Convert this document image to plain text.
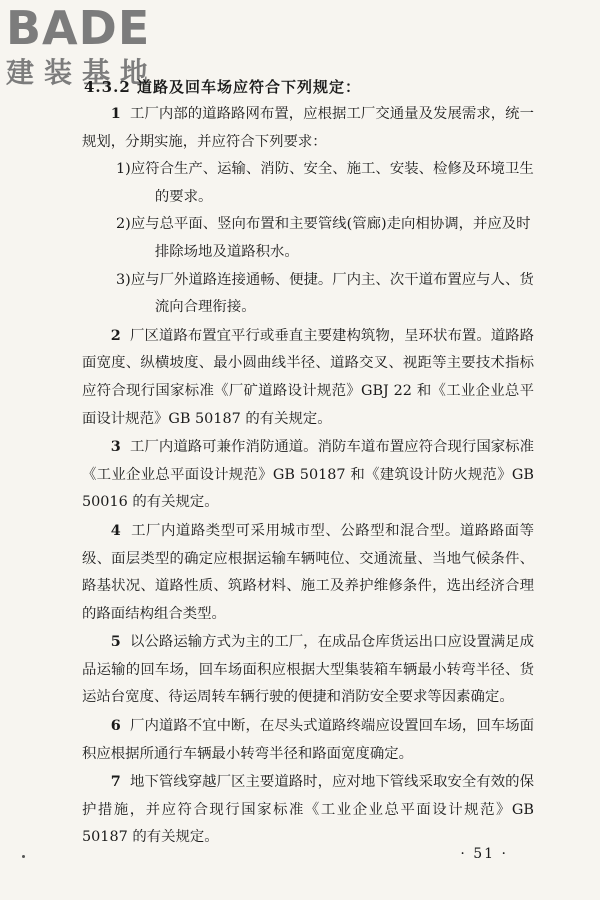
BADE
建装基地
4.3.2 道路及回车场应符合下列规定：

1 工厂内部的道路路网布置，应根据工厂交通量及发展需求，统一规划，分期实施，并应符合下列要求：

1)应符合生产、运输、消防、安全、施工、安装、检修及环境卫生的要求。

2)应与总平面、竖向布置和主要管线(管廊)走向相协调，并应及时排除场地及道路积水。

3)应与厂外道路连接通畅、便捷。厂内主、次干道布置应与人、货流向合理衔接。

2 厂区道路布置宜平行或垂直主要建构筑物，呈环状布置。道路路面宽度、纵横坡度、最小圆曲线半径、道路交叉、视距等主要技术指标应符合现行国家标准《厂矿道路设计规范》GBJ 22 和《工业企业总平面设计规范》GB 50187 的有关规定。

3 工厂内道路可兼作消防通道。消防车道布置应符合现行国家标准《工业企业总平面设计规范》GB 50187 和《建筑设计防火规范》GB 50016 的有关规定。

4 工厂内道路类型可采用城市型、公路型和混合型。道路路面等级、面层类型的确定应根据运输车辆吨位、交通流量、当地气候条件、路基状况、道路性质、筑路材料、施工及养护维修条件，选出经济合理的路面结构组合类型。

5 以公路运输方式为主的工厂，在成品仓库货运出口应设置满足成品运输的回车场，回车场面积应根据大型集装箱车辆最小转弯半径、货运站台宽度、待运周转车辆行驶的便捷和消防安全要求等因素确定。

6 厂内道路不宜中断，在尽头式道路终端应设置回车场，回车场面积应根据所通行车辆最小转弯半径和路面宽度确定。

7 地下管线穿越厂区主要道路时，应对地下管线采取安全有效的保护措施，并应符合现行国家标准《工业企业总平面设计规范》GB 50187 的有关规定。

· 51 ·
